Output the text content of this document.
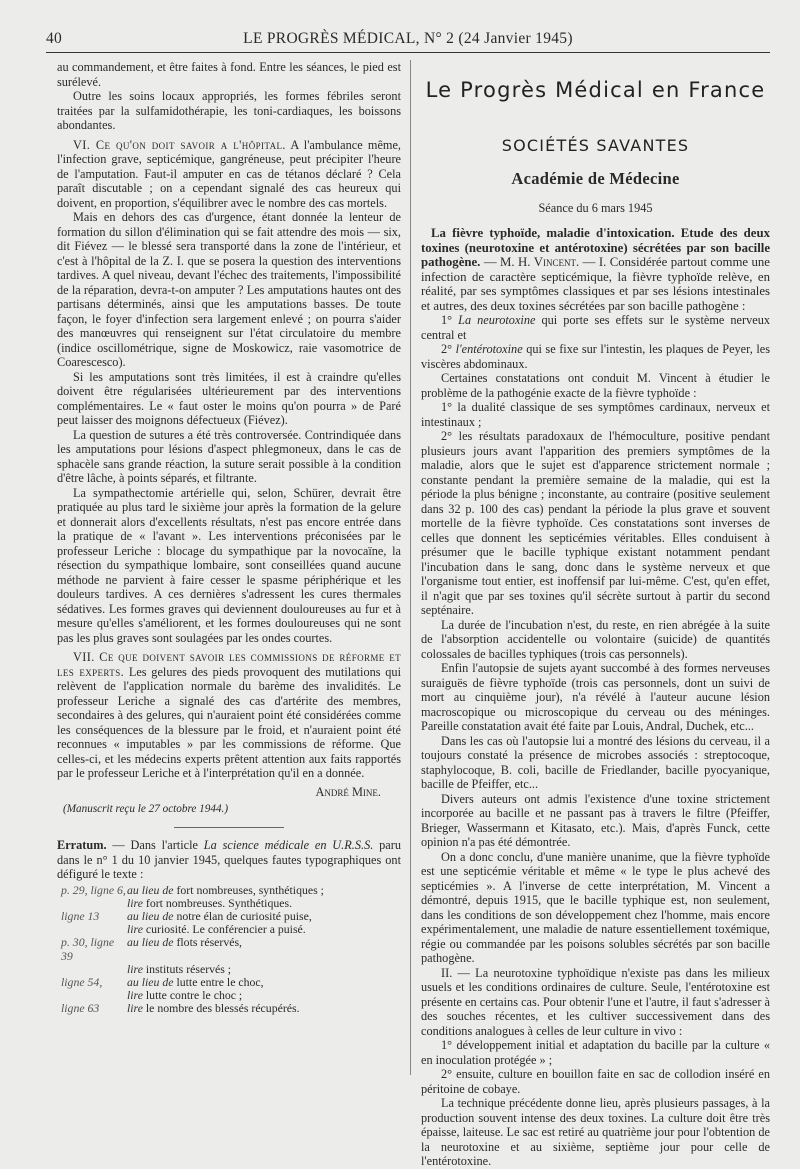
40	LE PROGRÈS MÉDICAL, N° 2 (24 Janvier 1945)

au commandement, et être faites à fond. Entre les séances, le pied est surélevé.

Outre les soins locaux appropriés, les formes fébriles seront traitées par la sulfamidothérapie, les toni-cardiaques, les boissons abondantes.

VI. Ce qu'on doit savoir a l'hôpital. A l'ambulance même, l'infection grave, septicémique, gangréneuse, peut précipiter l'heure de l'amputation. Faut-il amputer en cas de tétanos déclaré ? Cela paraît discutable ; on a cependant signalé des cas heureux qui doivent, en proportion, s'équilibrer avec le nombre des cas mortels.

Mais en dehors des cas d'urgence, étant donnée la lenteur de formation du sillon d'élimination qui se fait attendre des mois — six, dit Fiévez — le blessé sera transporté dans la zone de l'intérieur, et c'est à l'hôpital de la Z. I. que se posera la question des interventions tardives. A quel niveau, devant l'échec des traitements, l'impossibilité de la réparation, devra-t-on amputer ? Les amputations hautes ont des partisans déterminés, ainsi que les amputations basses. De toute façon, le foyer d'infection sera largement enlevé ; on pourra s'aider des manœuvres qui renseignent sur l'état circulatoire du membre (indice oscillométrique, signe de Moskowicz, raie vasomotrice de Coarescesco).

Si les amputations sont très limitées, il est à craindre qu'elles doivent être régularisées ultérieurement par des interventions complémentaires. Le « faut oster le moins qu'on pourra » de Paré peut laisser des moignons défectueux (Fiévez).

La question de sutures a été très controversée. Contrindiquée dans les amputations pour lésions d'aspect phlegmoneux, dans le cas de sphacèle sans grande réaction, la suture serait possible à la condition d'être lâche, à points séparés, et filtrante.

La sympathectomie artérielle qui, selon, Schürer, devrait être pratiquée au plus tard le sixième jour après la formation de la gelure et donnerait alors d'excellents résultats, n'est pas encore entrée dans la pratique de « l'avant ». Les interventions préconisées par le professeur Leriche : blocage du sympathique par la novocaïne, la résection du sympathique lombaire, sont conseillées quand aucune méthode ne parvient à faire cesser le spasme périphérique et les douleurs tardives. A ces dernières s'adressent les cures thermales sédatives. Les formes graves qui deviennent douloureuses au fur et à mesure qu'elles s'améliorent, et les formes douloureuses qui ne sont pas les plus graves sont soulagées par les ondes courtes.

VII. Ce que doivent savoir les commissions de réforme et les experts. Les gelures des pieds provoquent des mutilations qui relèvent de l'application normale du barème des invalidités. Le professeur Leriche a signalé des cas d'artérite des membres, secondaires à des gelures, qui n'auraient point été considérées comme les conséquences de la blessure par le froid, et n'auraient point été reconnues « imputables » par les commissions de réforme. Que celles-ci, et les médecins experts prêtent attention aux faits rapportés par le professeur Leriche et à l'interprétation qu'il en a donnée.

André Mine.
(Manuscrit reçu le 27 octobre 1944.)

Erratum. — Dans l'article La science médicale en U.R.S.S. paru dans le n° 1 du 10 janvier 1945, quelques fautes typographiques ont défiguré le texte :

p. 29, ligne 6, au lieu de fort nombreuses, synthétiques ;
lire fort nombreuses. Synthétiques.
ligne 13	au lieu de notre élan de curiosité puise,
lire curiosité. Le conférencier a puisé.
p. 30, ligne 39
au lieu de flots réservés,
lire instituts réservés ;
ligne 54,	au lieu de lutte entre le choc,
lire lutte contre le choc ;
ligne 63	lire le nombre des blessés récupérés.
Le Progrès Médical en France
SOCIÉTÉS SAVANTES
Académie de Médecine
Séance du 6 mars 1945

La fièvre typhoïde, maladie d'intoxication. Etude des deux toxines (neurotoxine et antérotoxine) sécrétées par son bacille pathogène. — M. H. Vincent. — I. Considérée partout comme une infection de caractère septicémique, la fièvre typhoïde relève, en réalité, par ses symptômes classiques et par ses lésions intestinales et autres, des deux toxines sécrétées par son bacille pathogène :

1° La neurotoxine qui porte ses effets sur le système nerveux central et

2° l'entérotoxine qui se fixe sur l'intestin, les plaques de Peyer, les viscères abdominaux.

Certaines constatations ont conduit M. Vincent à étudier le problème de la pathogénie exacte de la fièvre typhoïde :

1° la dualité classique de ses symptômes cardinaux, nerveux et intestinaux ;

2° les résultats paradoxaux de l'hémoculture, positive pendant plusieurs jours avant l'apparition des premiers symptômes de la maladie, alors que le sujet est d'apparence strictement normale ; constante pendant la première semaine de la maladie, qui est la période la plus bénigne ; inconstante, au contraire (positive seulement dans 32 p. 100 des cas) pendant la période la plus grave et souvent mortelle de la fièvre typhoïde. Ces constatations sont inverses de celles que donnent les septicémies véritables. Elles conduisent à présumer que le bacille typhique existant notamment pendant l'incubation dans le sang, donc dans le système nerveux et que l'organisme tout entier, est inoffensif par lui-même. C'est, qu'en effet, il n'agit que par ses toxines qu'il sécrète surtout à partir du second septénaire.

La durée de l'incubation n'est, du reste, en rien abrégée à la suite de l'absorption accidentelle ou volontaire (suicide) de quantités colossales de bacilles typhiques (trois cas personnels).

Enfin l'autopsie de sujets ayant succombé à des formes nerveuses suraiguës de fièvre typhoïde (trois cas personnels, dont un suivi de mort au cinquième jour), n'a révélé à l'auteur aucune lésion macroscopique ou microscopique du cerveau ou des méninges. Pareille constatation avait été faite par Louis, Andral, Duchek, etc...

Dans les cas où l'autopsie lui a montré des lésions du cerveau, il a toujours constaté la présence de microbes associés : streptocoque, staphylocoque, B. coli, bacille de Friedlander, bacille pyocyanique, bacille de Pfeiffer, etc...

Divers auteurs ont admis l'existence d'une toxine strictement incorporée au bacille et ne passant pas à travers le filtre (Pfeiffer, Brieger, Wassermann et Kitasato, etc.). Mais, d'après Funck, cette opinion n'a pas été démontrée.

On a donc conclu, d'une manière unanime, que la fièvre typhoïde est une septicémie véritable et même « le type le plus achevé des septicémies ». A l'inverse de cette interprétation, M. Vincent a démontré, depuis 1915, que le bacille typhique est, non seulement, dans les conditions de son développement chez l'homme, mais encore expérimentalement, une maladie de nature essentiellement toxémique, régie ou commandée par les poisons solubles sécrétés par son bacille pathogène.

II. — La neurotoxine typhoïdique n'existe pas dans les milieux usuels et les conditions ordinaires de culture. Seule, l'entérotoxine est présente en certains cas. Pour obtenir l'une et l'autre, il faut s'adresser à des souches récentes, et les cultiver successivement dans des conditions analogues à celles de leur culture in vivo :

1° développement initial et adaptation du bacille par la culture « en inoculation protégée » ;

2° ensuite, culture en bouillon faite en sac de collodion inséré en péritoine de cobaye.

La technique précédente donne lieu, après plusieurs passages, à la production souvent intense des deux toxines. La culture doit être très épaisse, laiteuse. Le sac est retiré au quatrième jour pour l'obtention de la neurotoxine et au sixième, septième jour pour celle de l'entérotoxine.
